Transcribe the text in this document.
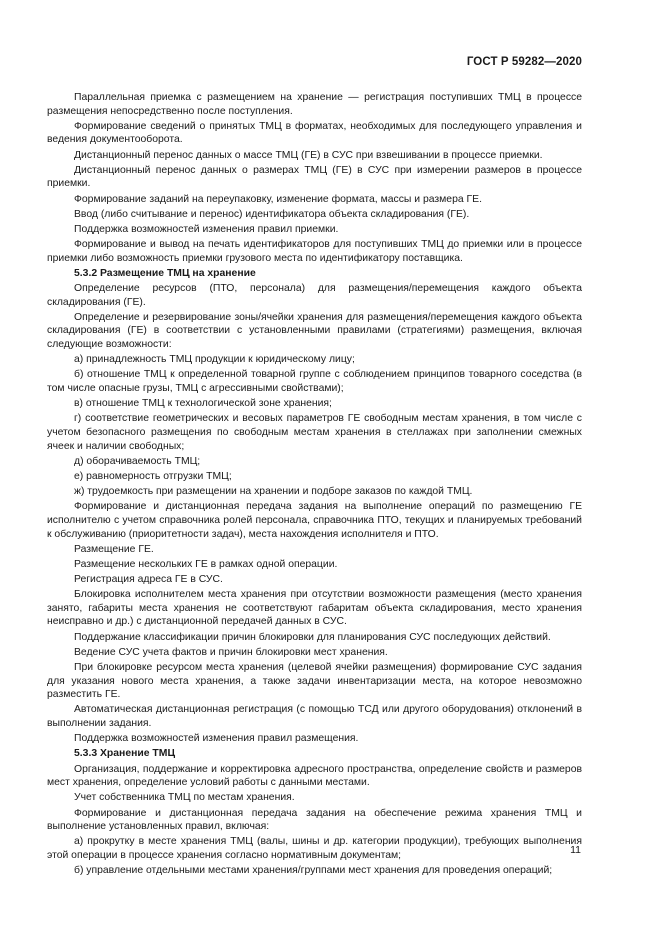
ГОСТ Р 59282—2020

Параллельная приемка с размещением на хранение — регистрация поступивших ТМЦ в процессе размещения непосредственно после поступления.

Формирование сведений о принятых ТМЦ в форматах, необходимых для последующего управления и ведения документооборота.

Дистанционный перенос данных о массе ТМЦ (ГЕ) в СУС при взвешивании в процессе приемки.

Дистанционный перенос данных о размерах ТМЦ (ГЕ) в СУС при измерении размеров в процессе приемки.

Формирование заданий на переупаковку, изменение формата, массы и размера ГЕ.

Ввод (либо считывание и перенос) идентификатора объекта складирования (ГЕ).

Поддержка возможностей изменения правил приемки.

Формирование и вывод на печать идентификаторов для поступивших ТМЦ до приемки или в процессе приемки либо возможность приемки грузового места по идентификатору поставщика.

5.3.2 Размещение ТМЦ на хранение

Определение ресурсов (ПТО, персонала) для размещения/перемещения каждого объекта складирования (ГЕ).

Определение и резервирование зоны/ячейки хранения для размещения/перемещения каждого объекта складирования (ГЕ) в соответствии с установленными правилами (стратегиями) размещения, включая следующие возможности:

а) принадлежность ТМЦ продукции к юридическому лицу;

б) отношение ТМЦ к определенной товарной группе с соблюдением принципов товарного соседства (в том числе опасные грузы, ТМЦ с агрессивными свойствами);

в) отношение ТМЦ к технологической зоне хранения;

г) соответствие геометрических и весовых параметров ГЕ свободным местам хранения, в том числе с учетом безопасного размещения по свободным местам хранения в стеллажах при заполнении смежных ячеек и наличии свободных;

д) оборачиваемость ТМЦ;

е) равномерность отгрузки ТМЦ;

ж) трудоемкость при размещении на хранении и подборе заказов по каждой ТМЦ.

Формирование и дистанционная передача задания на выполнение операций по размещению ГЕ исполнителю с учетом справочника ролей персонала, справочника ПТО, текущих и планируемых требований к обслуживанию (приоритетности задач), места нахождения исполнителя и ПТО.

Размещение ГЕ.

Размещение нескольких ГЕ в рамках одной операции.

Регистрация адреса ГЕ в СУС.

Блокировка исполнителем места хранения при отсутствии возможности размещения (место хранения занято, габариты места хранения не соответствуют габаритам объекта складирования, место хранения неисправно и др.) с дистанционной передачей данных в СУС.

Поддержание классификации причин блокировки для планирования СУС последующих действий.

Ведение СУС учета фактов и причин блокировки мест хранения.

При блокировке ресурсом места хранения (целевой ячейки размещения) формирование СУС задания для указания нового места хранения, а также задачи инвентаризации места, на которое невозможно разместить ГЕ.

Автоматическая дистанционная регистрация (с помощью ТСД или другого оборудования) отклонений в выполнении задания.

Поддержка возможностей изменения правил размещения.

5.3.3 Хранение ТМЦ

Организация, поддержание и корректировка адресного пространства, определение свойств и размеров мест хранения, определение условий работы с данными местами.

Учет собственника ТМЦ по местам хранения.

Формирование и дистанционная передача задания на обеспечение режима хранения ТМЦ и выполнение установленных правил, включая:

а) прокрутку в месте хранения ТМЦ (валы, шины и др. категории продукции), требующих выполнения этой операции в процессе хранения согласно нормативным документам;

б) управление отдельными местами хранения/группами мест хранения для проведения операций;

11
